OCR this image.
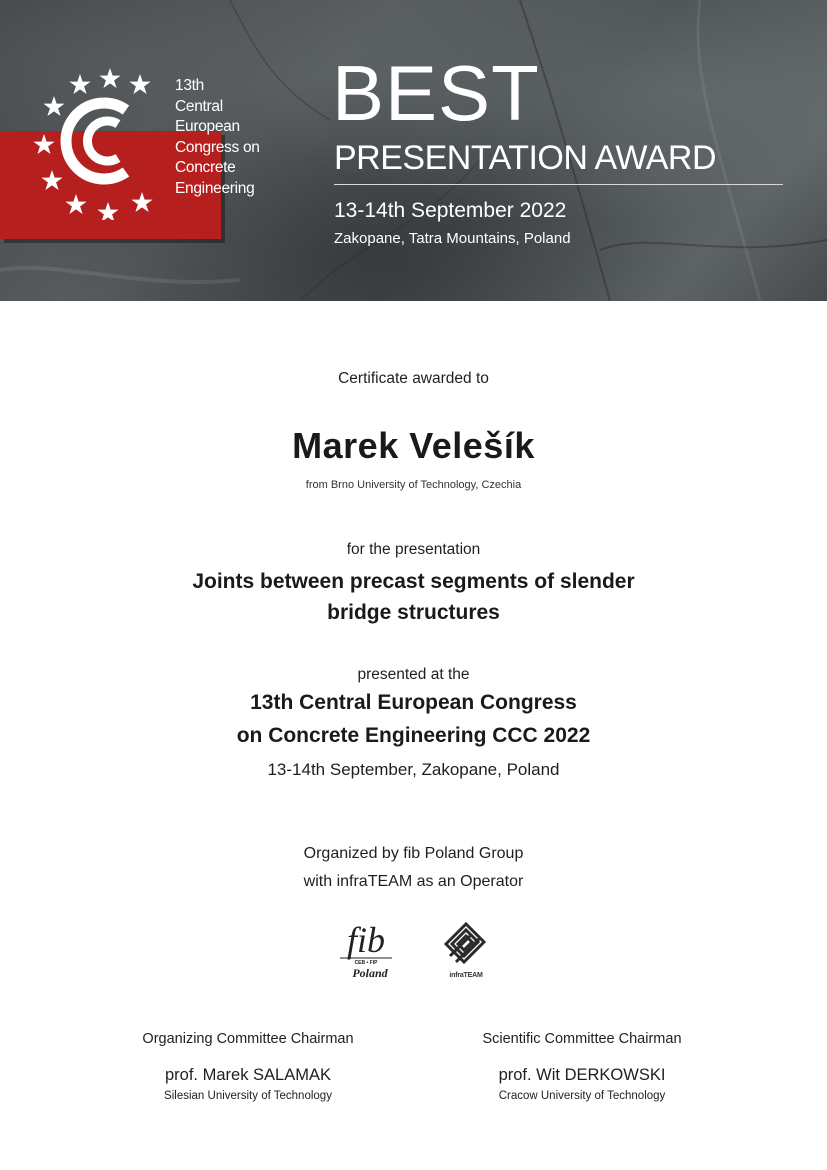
13th
Central
European
Congress on
Concrete
Engineering
BEST
PRESENTATION AWARD
13-14th September 2022
Zakopane, Tatra Mountains, Poland
Certificate awarded to
Marek Velešík
from Brno University of Technology, Czechia
for the presentation
Joints between precast segments of slender
bridge structures
presented at the
13th Central European Congress
on Concrete Engineering CCC 2022
13-14th September, Zakopane, Poland
Organized by fib Poland Group
with infraTEAM as an Operator
fib
CEB • FIP
Poland	infraTEAM
Organizing Committee Chairman
prof. Marek SALAMAK
Silesian University of Technology
Scientific Committee Chairman
prof. Wit DERKOWSKI
Cracow University of Technology
